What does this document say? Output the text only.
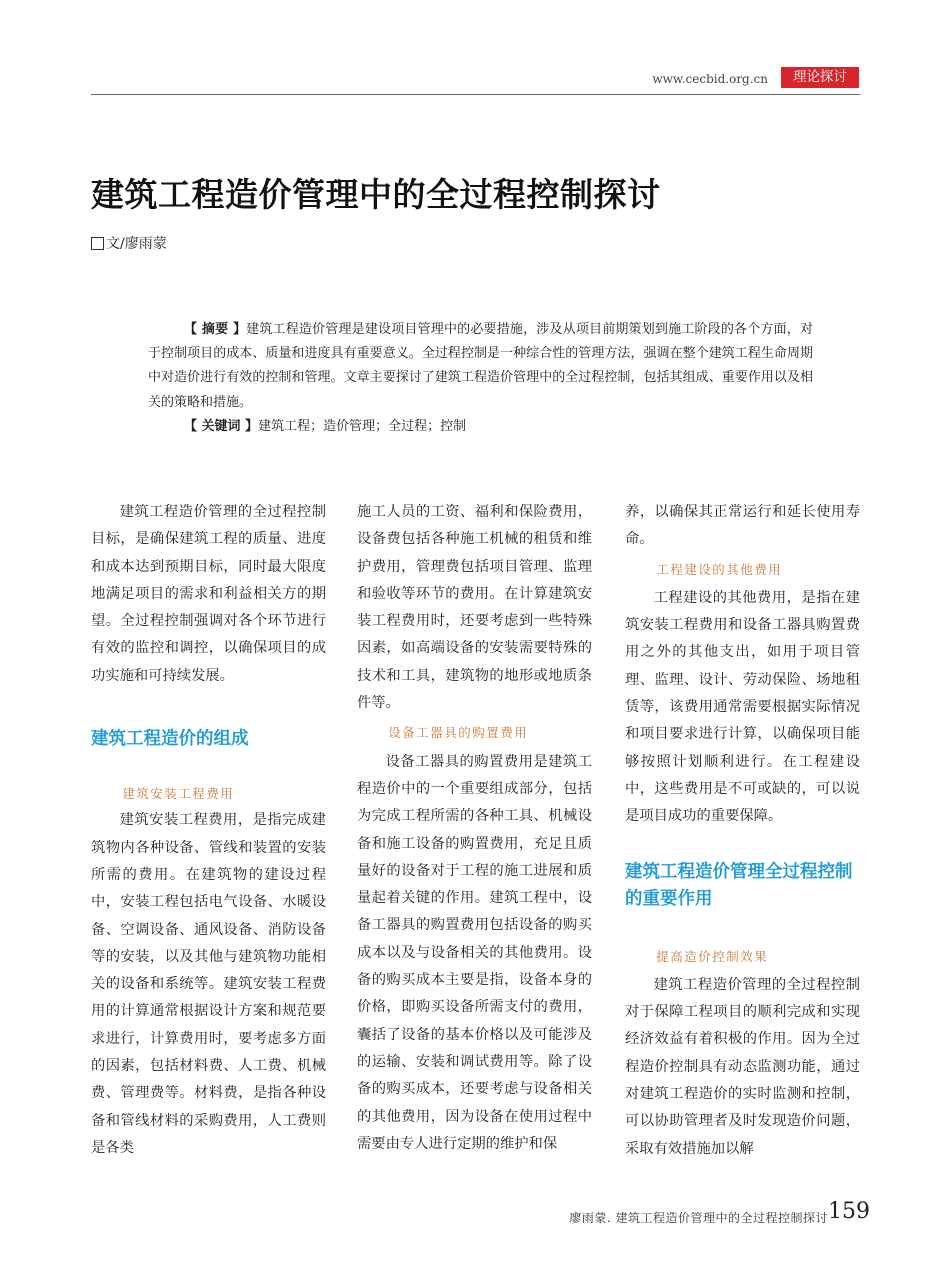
www.cecbid.org.cn	理论探讨
建筑工程造价管理中的全过程控制探讨
文/廖雨蒙

【 摘要 】建筑工程造价管理是建设项目管理中的必要措施，涉及从项目前期策划到施工阶段的各个方面，对于控制项目的成本、质量和进度具有重要意义。全过程控制是一种综合性的管理方法，强调在整个建筑工程生命周期中对造价进行有效的控制和管理。文章主要探讨了建筑工程造价管理中的全过程控制，包括其组成、重要作用以及相关的策略和措施。

【 关键词 】建筑工程；造价管理；全过程；控制

建筑工程造价管理的全过程控制目标，是确保建筑工程的质量、进度和成本达到预期目标，同时最大限度地满足项目的需求和利益相关方的期望。全过程控制强调对各个环节进行有效的监控和调控，以确保项目的成功实施和可持续发展。

建筑工程造价的组成

建筑安装工程费用

建筑安装工程费用，是指完成建筑物内各种设备、管线和装置的安装所需的费用。在建筑物的建设过程中，安装工程包括电气设备、水暖设备、空调设备、通风设备、消防设备等的安装，以及其他与建筑物功能相关的设备和系统等。建筑安装工程费用的计算通常根据设计方案和规范要求进行，计算费用时，要考虑多方面的因素，包括材料费、人工费、机械费、管理费等。材料费，是指各种设备和管线材料的采购费用，人工费则是各类

施工人员的工资、福利和保险费用，设备费包括各种施工机械的租赁和维护费用，管理费包括项目管理、监理和验收等环节的费用。在计算建筑安装工程费用时，还要考虑到一些特殊因素，如高端设备的安装需要特殊的技术和工具，建筑物的地形或地质条件等。

设备工器具的购置费用

设备工器具的购置费用是建筑工程造价中的一个重要组成部分，包括为完成工程所需的各种工具、机械设备和施工设备的购置费用，充足且质量好的设备对于工程的施工进展和质量起着关键的作用。建筑工程中，设备工器具的购置费用包括设备的购买成本以及与设备相关的其他费用。设备的购买成本主要是指，设备本身的价格，即购买设备所需支付的费用，囊括了设备的基本价格以及可能涉及的运输、安装和调试费用等。除了设备的购买成本，还要考虑与设备相关的其他费用，因为设备在使用过程中需要由专人进行定期的维护和保

养，以确保其正常运行和延长使用寿命。

工程建设的其他费用

工程建设的其他费用，是指在建筑安装工程费用和设备工器具购置费用之外的其他支出，如用于项目管理、监理、设计、劳动保险、场地租赁等，该费用通常需要根据实际情况和项目要求进行计算，以确保项目能够按照计划顺利进行。在工程建设中，这些费用是不可或缺的，可以说是项目成功的重要保障。

建筑工程造价管理全过程控制的重要作用

提高造价控制效果

建筑工程造价管理的全过程控制对于保障工程项目的顺利完成和实现经济效益有着积极的作用。因为全过程造价控制具有动态监测功能，通过对建筑工程造价的实时监测和控制，可以协助管理者及时发现造价问题，采取有效措施加以解

廖雨蒙. 建筑工程造价管理中的全过程控制探讨 159
